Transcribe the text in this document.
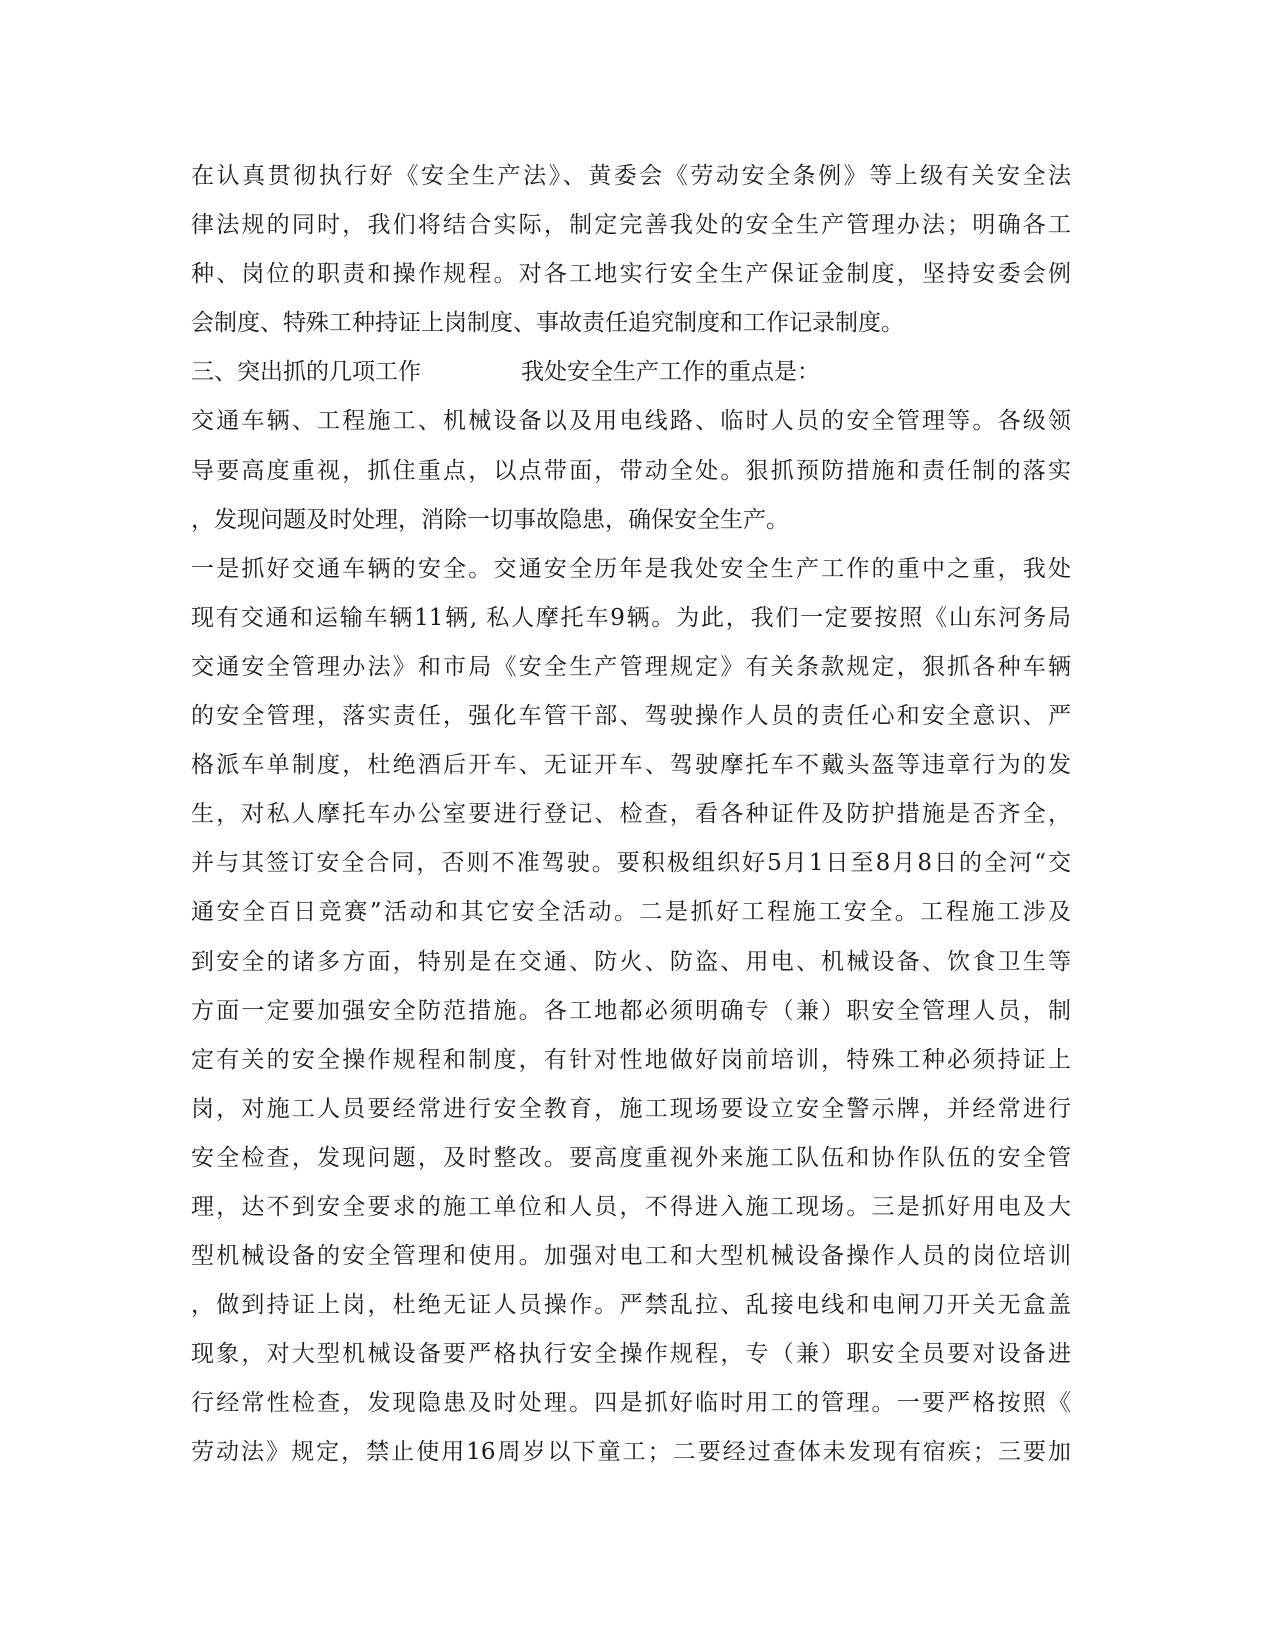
在认真贯彻执行好《安全生产法》、黄委会《劳动安全条例》等上级有关安全法
律法规的同时，我们将结合实际，制定完善我处的安全生产管理办法；明确各工
种、岗位的职责和操作规程。对各工地实行安全生产保证金制度，坚持安委会例
会制度、特殊工种持证上岗制度、事故责任追究制度和工作记录制度。
三、突出抓的几项工作	我处安全生产工作的重点是：
交通车辆、工程施工、机械设备以及用电线路、临时人员的安全管理等。各级领
导要高度重视，抓住重点，以点带面，带动全处。狠抓预防措施和责任制的落实
，发现问题及时处理，消除一切事故隐患，确保安全生产。
一是抓好交通车辆的安全。交通安全历年是我处安全生产工作的重中之重，我处
现有交通和运输车辆11辆, 私人摩托车9辆。为此，我们一定要按照《山东河务局
交通安全管理办法》和市局《安全生产管理规定》有关条款规定，狠抓各种车辆
的安全管理，落实责任，强化车管干部、驾驶操作人员的责任心和安全意识、严
格派车单制度，杜绝酒后开车、无证开车、驾驶摩托车不戴头盔等违章行为的发
生，对私人摩托车办公室要进行登记、检查，看各种证件及防护措施是否齐全，
并与其签订安全合同，否则不准驾驶。要积极组织好5月1日至8月8日的全河“交
通安全百日竞赛”活动和其它安全活动。二是抓好工程施工安全。工程施工涉及
到安全的诸多方面，特别是在交通、防火、防盗、用电、机械设备、饮食卫生等
方面一定要加强安全防范措施。各工地都必须明确专（兼）职安全管理人员，制
定有关的安全操作规程和制度，有针对性地做好岗前培训，特殊工种必须持证上
岗，对施工人员要经常进行安全教育，施工现场要设立安全警示牌，并经常进行
安全检查，发现问题，及时整改。要高度重视外来施工队伍和协作队伍的安全管
理，达不到安全要求的施工单位和人员，不得进入施工现场。三是抓好用电及大
型机械设备的安全管理和使用。加强对电工和大型机械设备操作人员的岗位培训
，做到持证上岗，杜绝无证人员操作。严禁乱拉、乱接电线和电闸刀开关无盒盖
现象，对大型机械设备要严格执行安全操作规程，专（兼）职安全员要对设备进
行经常性检查，发现隐患及时处理。四是抓好临时用工的管理。一要严格按照《
劳动法》规定，禁止使用16周岁以下童工；二要经过查体未发现有宿疾；三要加
